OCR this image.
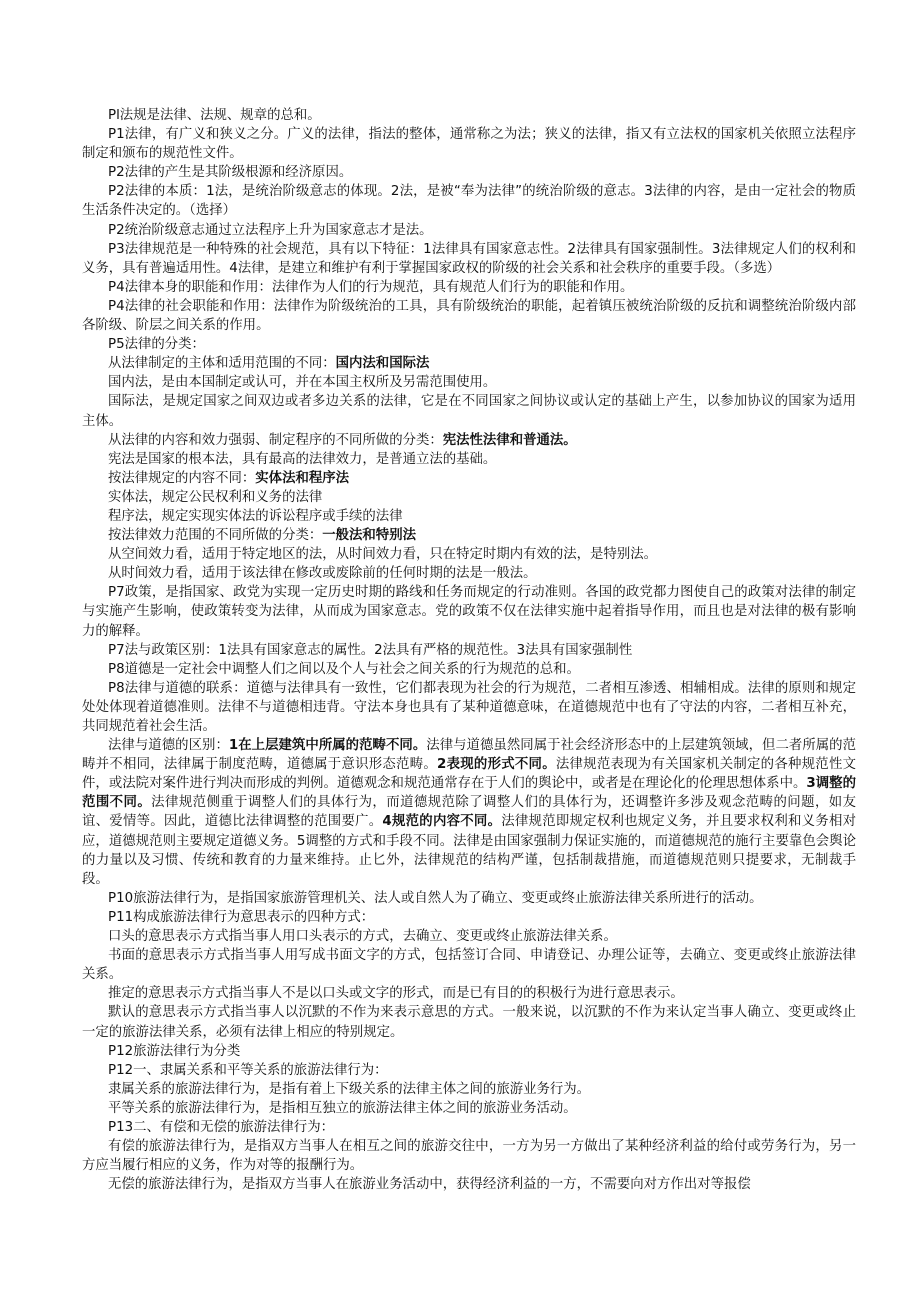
Pl法规是法律、法规、规章的总和。

P1法律，有广义和狭义之分。广义的法律，指法的整体，通常称之为法；狭义的法律，指又有立法权的国家机关依照立法程序制定和颁布的规范性文件。

P2法律的产生是其阶级根源和经济原因。

P2法律的本质：1法，是统治阶级意志的体现。2法，是被“奉为法律”的统治阶级的意志。3法律的内容，是由一定社会的物质生活条件决定的。（选择）

P2统治阶级意志通过立法程序上升为国家意志才是法。

P3法律规范是一种特殊的社会规范，具有以下特征：1法律具有国家意志性。2法律具有国家强制性。3法律规定人们的权利和义务，具有普遍适用性。4法律，是建立和维护有利于掌握国家政权的阶级的社会关系和社会秩序的重要手段。（多选）

P4法律本身的职能和作用：法律作为人们的行为规范，具有规范人们行为的职能和作用。

P4法律的社会职能和作用：法律作为阶级统治的工具，具有阶级统治的职能，起着镇压被统治阶级的反抗和调整统治阶级内部各阶级、阶层之间关系的作用。

P5法律的分类：

从法律制定的主体和适用范围的不同：国内法和国际法

国内法，是由本国制定或认可，并在本国主权所及另需范围使用。

国际法，是规定国家之间双边或者多边关系的法律，它是在不同国家之间协议或认定的基础上产生，以参加协议的国家为适用主体。

从法律的内容和效力强弱、制定程序的不同所做的分类：宪法性法律和普通法。

宪法是国家的根本法，具有最高的法律效力，是普通立法的基础。

按法律规定的内容不同：实体法和程序法

实体法，规定公民权利和义务的法律

程序法，规定实现实体法的诉讼程序或手续的法律

按法律效力范围的不同所做的分类：一般法和特别法

从空间效力看，适用于特定地区的法，从时间效力看，只在特定时期内有效的法，是特别法。

从时间效力看，适用于该法律在修改或废除前的任何时期的法是一般法。

P7政策，是指国家、政党为实现一定历史时期的路线和任务而规定的行动准则。各国的政党都力图使自己的政策对法律的制定与实施产生影响，使政策转变为法律，从而成为国家意志。党的政策不仅在法律实施中起着指导作用，而且也是对法律的极有影响力的解释。

P7法与政策区别：1法具有国家意志的属性。2法具有严格的规范性。3法具有国家强制性

P8道德是一定社会中调整人们之间以及个人与社会之间关系的行为规范的总和。

P8法律与道德的联系：道德与法律具有一致性，它们都表现为社会的行为规范，二者相互渗透、相辅相成。法律的原则和规定处处体现着道德准则。法律不与道德相违背。守法本身也具有了某种道德意味，在道德规范中也有了守法的内容，二者相互补充，共同规范着社会生活。

法律与道德的区别：1在上层建筑中所属的范畴不同。法律与道德虽然同属于社会经济形态中的上层建筑领域，但二者所属的范畴并不相同，法律属于制度范畴，道德属于意识形态范畴。2表现的形式不同。法律规范表现为有关国家机关制定的各种规范性文件，或法院对案件进行判决而形成的判例。道德观念和规范通常存在于人们的舆论中，或者是在理论化的伦理思想体系中。3调整的范围不同。法律规范侧重于调整人们的具体行为，而道德规范除了调整人们的具体行为，还调整许多涉及观念范畴的问题，如友谊、爱情等。因此，道德比法律调整的范围要广。4规范的内容不同。法律规范即规定权利也规定义务，并且要求权利和义务相对应，道德规范则主要规定道德义务。5调整的方式和手段不同。法律是由国家强制力保证实施的，而道德规范的施行主要靠色会舆论的力量以及习惯、传统和教育的力量来维持。止匕外，法律规范的结构严谨，包括制裁措施，而道德规范则只提要求，无制裁手段。

P10旅游法律行为，是指国家旅游管理机关、法人或自然人为了确立、变更或终止旅游法律关系所进行的活动。

P11构成旅游法律行为意思表示的四种方式：

口头的意思表示方式指当事人用口头表示的方式，去确立、变更或终止旅游法律关系。

书面的意思表示方式指当事人用写成书面文字的方式，包括签订合同、申请登记、办理公证等，去确立、变更或终止旅游法律关系。

推定的意思表示方式指当事人不是以口头或文字的形式，而是已有目的的积极行为进行意思表示。

默认的意思表示方式指当事人以沉默的不作为来表示意思的方式。一般来说，以沉默的不作为来认定当事人确立、变更或终止一定的旅游法律关系，必须有法律上相应的特别规定。

P12旅游法律行为分类

P12一、隶属关系和平等关系的旅游法律行为：

隶属关系的旅游法律行为，是指有着上下级关系的法律主体之间的旅游业务行为。

平等关系的旅游法律行为，是指相互独立的旅游法律主体之间的旅游业务活动。

P13二、有偿和无偿的旅游法律行为：

有偿的旅游法律行为，是指双方当事人在相互之间的旅游交往中，一方为另一方做出了某种经济利益的给付或劳务行为，另一方应当履行相应的义务，作为对等的报酬行为。

无偿的旅游法律行为，是指双方当事人在旅游业务活动中，获得经济利益的一方，不需要向对方作出对等报偿
